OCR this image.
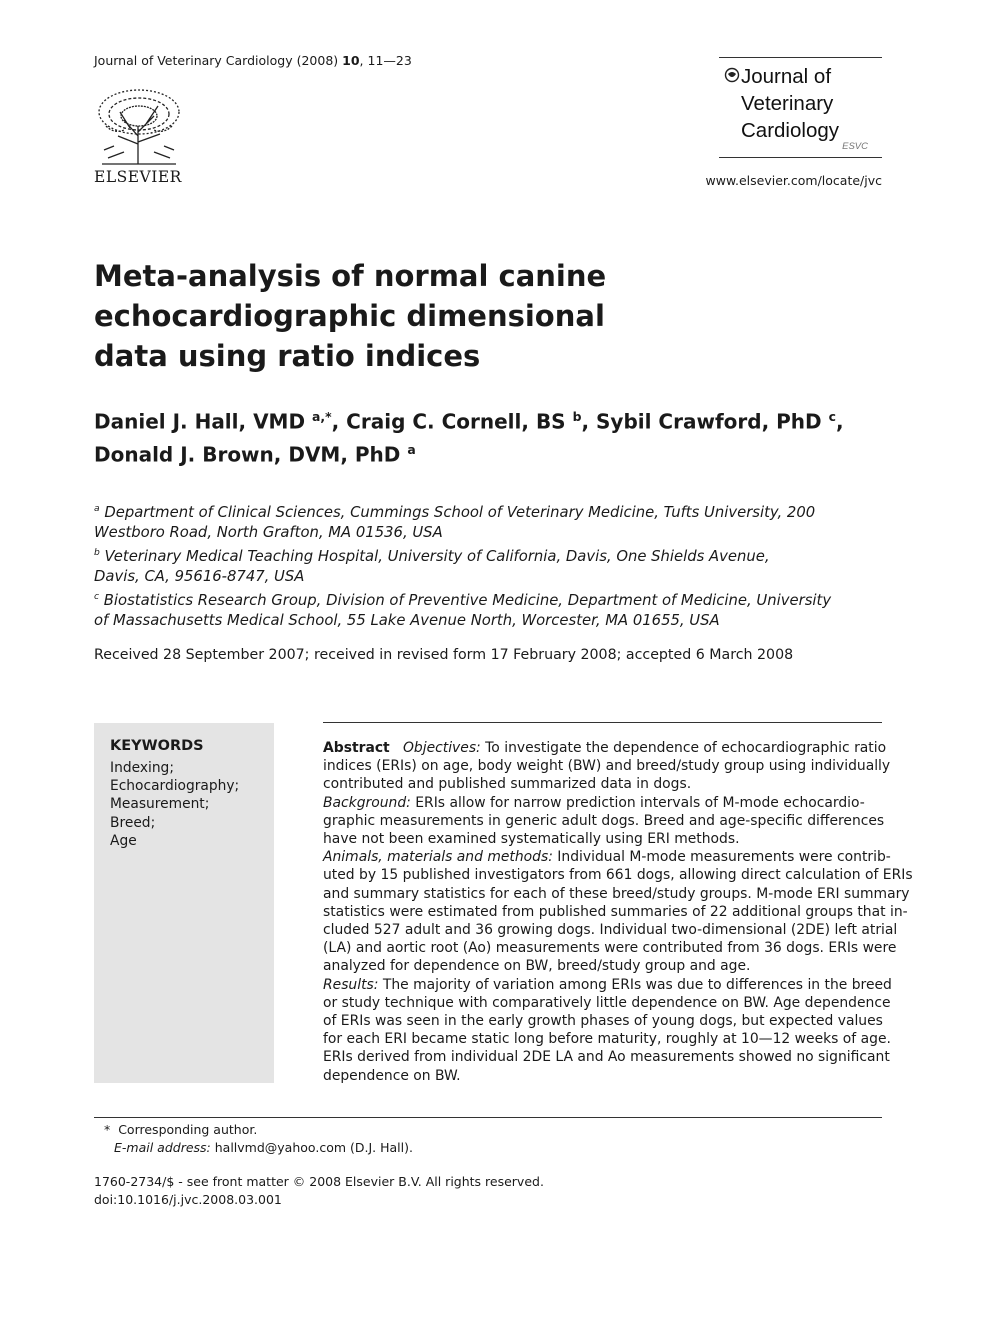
Journal of Veterinary Cardiology (2008) 10, 11—23
ELSEVIER
Journal of
Veterinary
Cardiology
ESVC
www.elsevier.com/locate/jvc
Meta-analysis of normal canine
echocardiographic dimensional
data using ratio indices
Daniel J. Hall, VMD $^{a,*}$, Craig C. Cornell, BS $^b$, Sybil Crawford, PhD $^c$,
Donald J. Brown, DVM, PhD $^a$
$^a$ Department of Clinical Sciences, Cummings School of Veterinary Medicine, Tufts University, 200
Westboro Road, North Grafton, MA 01536, USA
$^b$ Veterinary Medical Teaching Hospital, University of California, Davis, One Shields Avenue,
Davis, CA, 95616-8747, USA
$^c$ Biostatistics Research Group, Division of Preventive Medicine, Department of Medicine, University
of Massachusetts Medical School, 55 Lake Avenue North, Worcester, MA 01655, USA
Received 28 September 2007; received in revised form 17 February 2008; accepted 6 March 2008
KEYWORDS
Indexing;
Echocardiography;
Measurement;
Breed;
Age
Abstract Objectives: To investigate the dependence of echocardiographic ratio
indices (ERIs) on age, body weight (BW) and breed/study group using individually
contributed and published summarized data in dogs.
Background: ERIs allow for narrow prediction intervals of M-mode echocardio-
graphic measurements in generic adult dogs. Breed and age-specific differences
have not been examined systematically using ERI methods.
Animals, materials and methods: Individual M-mode measurements were contrib-
uted by 15 published investigators from 661 dogs, allowing direct calculation of ERIs
and summary statistics for each of these breed/study groups. M-mode ERI summary
statistics were estimated from published summaries of 22 additional groups that in-
cluded 527 adult and 36 growing dogs. Individual two-dimensional (2DE) left atrial
(LA) and aortic root (Ao) measurements were contributed from 36 dogs. ERIs were
analyzed for dependence on BW, breed/study group and age.
Results: The majority of variation among ERIs was due to differences in the breed
or study technique with comparatively little dependence on BW. Age dependence
of ERIs was seen in the early growth phases of young dogs, but expected values
for each ERI became static long before maturity, roughly at 10—12 weeks of age.
ERIs derived from individual 2DE LA and Ao measurements showed no significant
dependence on BW.
* Corresponding author.
E-mail address: hallvmd@yahoo.com (D.J. Hall).
1760-2734/$ - see front matter © 2008 Elsevier B.V. All rights reserved.
doi:10.1016/j.jvc.2008.03.001
